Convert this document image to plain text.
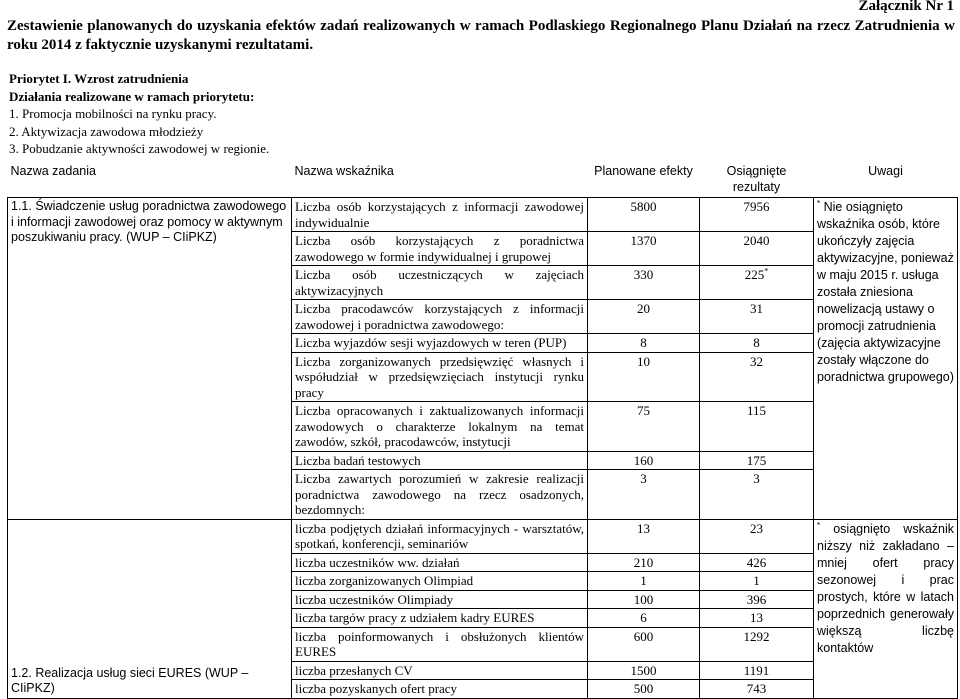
Załącznik Nr 1
Zestawienie planowanych do uzyskania efektów zadań realizowanych w ramach Podlaskiego Regionalnego Planu Działań na rzecz Zatrudnienia w roku 2014 z faktycznie uzyskanymi rezultatami.
Priorytet I. Wzrost zatrudnienia
Działania realizowane w ramach priorytetu:
1. Promocja mobilności na rynku pracy.
2. Aktywizacja zawodowa młodzieży
3. Pobudzanie aktywności zawodowej w regionie.
Nazwa zadania	Nazwa wskaźnika	Planowane efekty	Osiągnięte rezultaty	Uwagi
1.1. Świadczenie usług poradnictwa zawodowego i informacji zawodowej oraz pomocy w aktywnym poszukiwaniu pracy. (WUP – CIiPKZ)	Liczba osób korzystających z informacji zawodowej indywidualnie	5800	7956	* Nie osiągnięto wskaźnika osób, które ukończyły zajęcia aktywizacyjne, ponieważ w maju 2015 r. usługa została zniesiona nowelizacją ustawy o promocji zatrudnienia (zajęcia aktywizacyjne zostały włączone do poradnictwa grupowego)
	Liczba osób korzystających z poradnictwa zawodowego w formie indywidualnej i grupowej	1370	2040	
	Liczba osób uczestniczących w zajęciach aktywizacyjnych	330	225*
	Liczba pracodawców korzystających z informacji zawodowej i poradnictwa zawodowego:	20	31	
	Liczba wyjazdów sesji wyjazdowych w teren (PUP)	8	8	
	Liczba zorganizowanych przedsięwzięć własnych i współudział w przedsięwzięciach instytucji rynku pracy	10	32	
	Liczba opracowanych i zaktualizowanych informacji zawodowych o charakterze lokalnym na temat zawodów, szkół, pracodawców, instytucji	75	115	
	Liczba badań testowych	160	175	
	Liczba zawartych porozumień w zakresie realizacji poradnictwa zawodowego na rzecz osadzonych, bezdomnych:	3	3	
1.2. Realizacja usług sieci EURES (WUP – CIiPKZ)	liczba podjętych działań informacyjnych - warsztatów, spotkań, konferencji, seminariów	13	23	* osiągnięto wskaźnik niższy niż zakładano – mniej ofert pracy sezonowej i prac prostych, które w latach poprzednich generowały większą liczbę kontaktów
	liczba uczestników ww. działań	210	426	
	liczba zorganizowanych Olimpiad	1	1	
	liczba uczestników Olimpiady	100	396	
	liczba targów pracy z udziałem kadry EURES	6	13	
	liczba poinformowanych i obsłużonych klientów EURES	600	1292	
	liczba przesłanych CV	1500	1191	
	liczba pozyskanych ofert pracy	500	743	
